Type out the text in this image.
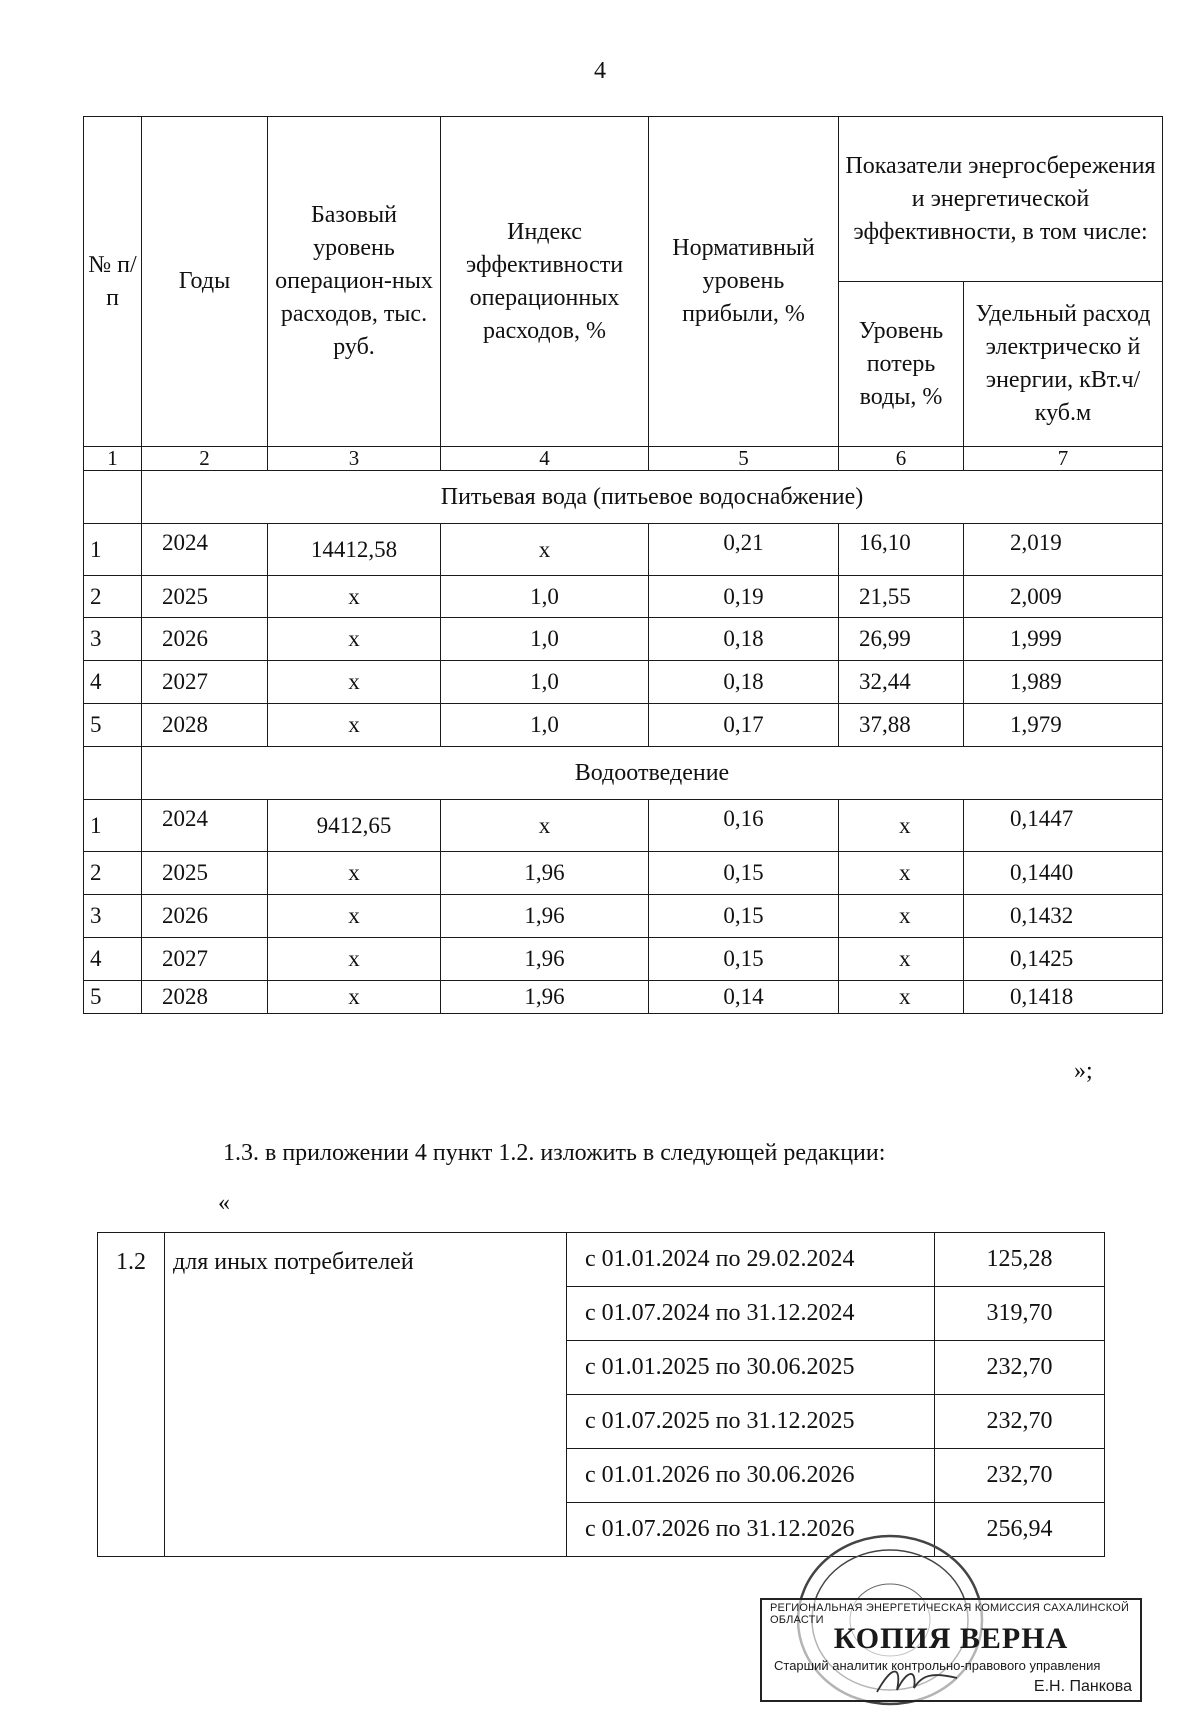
4
№ п/п	Годы	Базовый уровень операцион-ных расходов, тыс. руб.	Индекс эффективности операционных расходов, %	Нормативный уровень прибыли, %	Показатели энергосбережения и энергетической эффективности, в том числе:	
					Уровень потерь воды, %	Удельный расход электрическо й энергии, кВт.ч/куб.м
1	2	3	4	5	6	7
	Питьевая вода (питьевое водоснабжение)					
1	2024	14412,58	х	0,21	16,10	2,019
2	2025	х	1,0	0,19	21,55	2,009
3	2026	х	1,0	0,18	26,99	1,999
4	2027	х	1,0	0,18	32,44	1,989
5	2028	х	1,0	0,17	37,88	1,979
	Водоотведение					
1	2024	9412,65	х	0,16	х	0,1447
2	2025	х	1,96	0,15	х	0,1440
3	2026	х	1,96	0,15	х	0,1432
4	2027	х	1,96	0,15	х	0,1425
5	2028	х	1,96	0,14	х	0,1418
»;
1.3. в приложении 4 пункт 1.2. изложить в следующей редакции:
«
1.2	для иных потребителей	с 01.01.2024 по 29.02.2024	125,28
		с 01.07.2024 по 31.12.2024	319,70
		с 01.01.2025 по 30.06.2025	232,70
		с 01.07.2025 по 31.12.2025	232,70
		с 01.01.2026 по 30.06.2026	232,70
		с 01.07.2026 по 31.12.2026	256,94
РЕГИОНАЛЬНАЯ ЭНЕРГЕТИЧЕСКАЯ КОМИССИЯ САХАЛИНСКОЙ ОБЛАСТИ
КОПИЯ ВЕРНА
Старший аналитик контрольно-правового управления
Е.Н. Панкова
